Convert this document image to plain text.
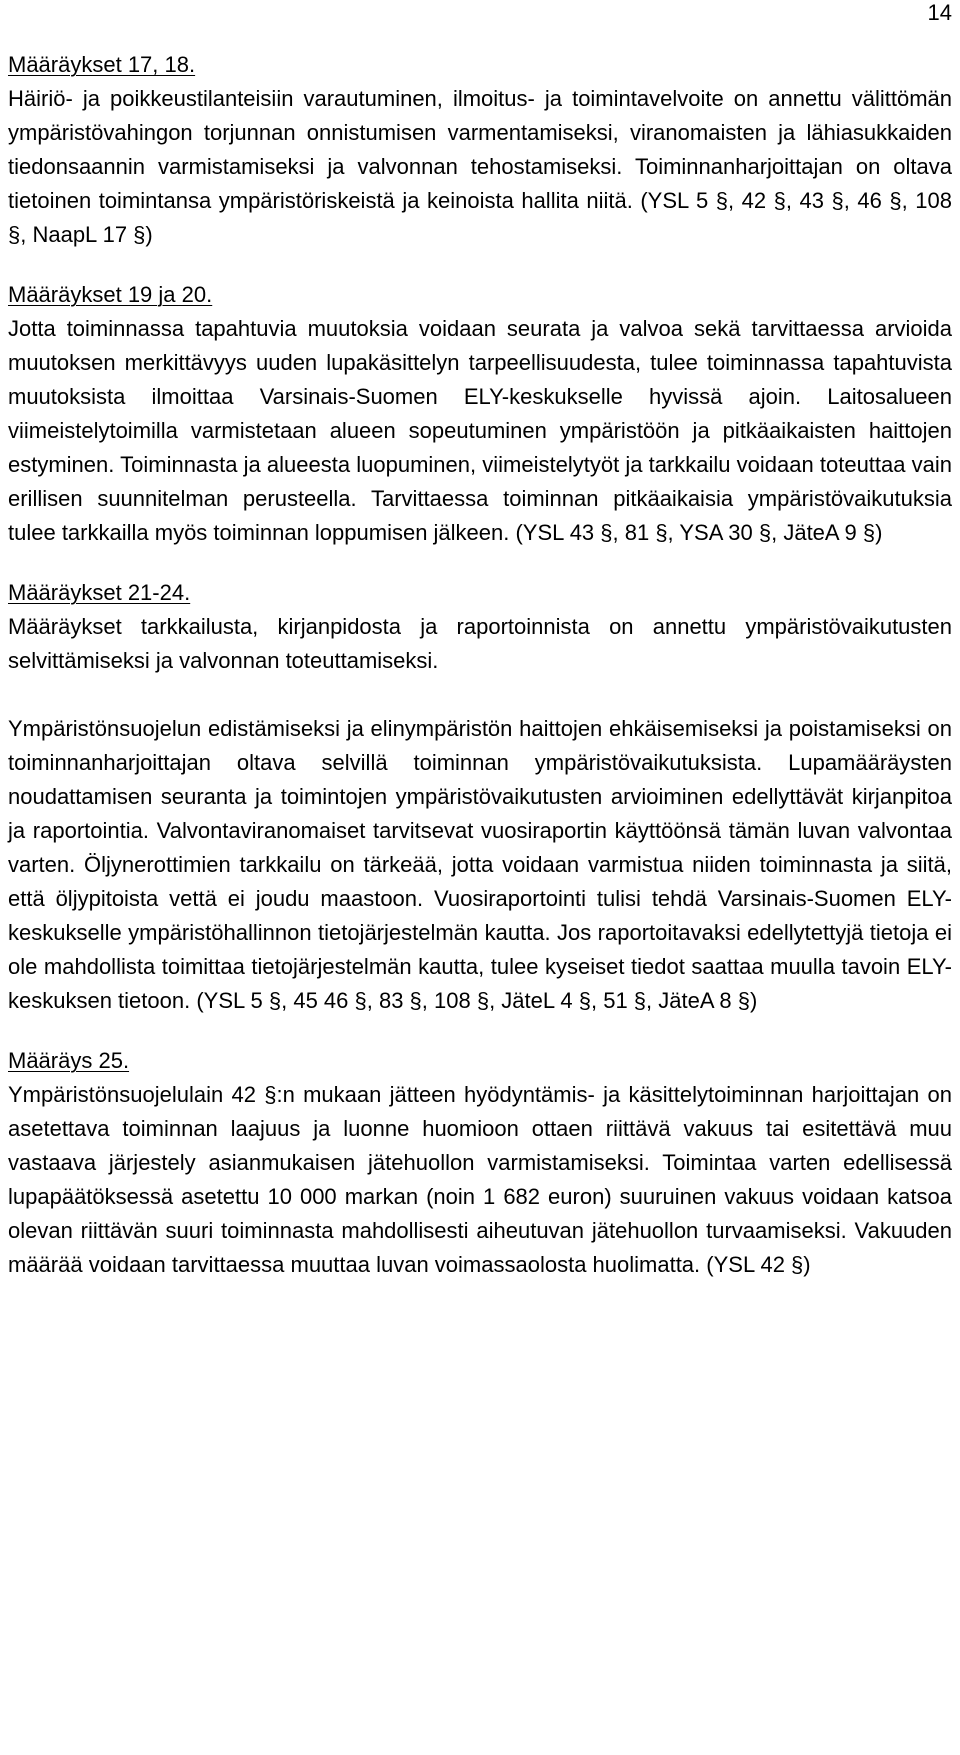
14

Määräykset 17, 18.

Häiriö- ja poikkeustilanteisiin varautuminen, ilmoitus- ja toimintavelvoite on annettu välittömän ympäristövahingon torjunnan onnistumisen varmentamiseksi, viranomaisten ja lähiasukkaiden tiedonsaannin varmistamiseksi ja valvonnan tehostamiseksi. Toiminnanharjoittajan on oltava tietoinen toimintansa ympäristöriskeistä ja keinoista hallita niitä. (YSL 5 §, 42 §, 43 §, 46 §, 108 §, NaapL 17 §)

Määräykset 19 ja 20.

Jotta toiminnassa tapahtuvia muutoksia voidaan seurata ja valvoa sekä tarvittaessa arvioida muutoksen merkittävyys uuden lupakäsittelyn tarpeellisuudesta, tulee toiminnassa tapahtuvista muutoksista ilmoittaa Varsinais-Suomen ELY-keskukselle hyvissä ajoin. Laitosalueen viimeistelytoimilla varmistetaan alueen sopeutuminen ympäristöön ja pitkäaikaisten haittojen estyminen. Toiminnasta ja alueesta luopuminen, viimeistelytyöt ja tarkkailu voidaan toteuttaa vain erillisen suunnitelman perusteella. Tarvittaessa toiminnan pitkäaikaisia ympäristövaikutuksia tulee tarkkailla myös toiminnan loppumisen jälkeen. (YSL 43 §, 81 §, YSA 30 §, JäteA 9 §)

Määräykset 21-24.

Määräykset tarkkailusta, kirjanpidosta ja raportoinnista on annettu ympäristövaikutusten selvittämiseksi ja valvonnan toteuttamiseksi.

Ympäristönsuojelun edistämiseksi ja elinympäristön haittojen ehkäisemiseksi ja poistamiseksi on toiminnanharjoittajan oltava selvillä toiminnan ympäristövaikutuksista. Lupamääräysten noudattamisen seuranta ja toimintojen ympäristövaikutusten arvioiminen edellyttävät kirjanpitoa ja raportointia. Valvontaviranomaiset tarvitsevat vuosiraportin käyttöönsä tämän luvan valvontaa varten. Öljynerottimien tarkkailu on tärkeää, jotta voidaan varmistua niiden toiminnasta ja siitä, että öljypitoista vettä ei joudu maastoon. Vuosiraportointi tulisi tehdä Varsinais-Suomen ELY-keskukselle ympäristöhallinnon tietojärjestelmän kautta. Jos raportoitavaksi edellytettyjä tietoja ei ole mahdollista toimittaa tietojärjestelmän kautta, tulee kyseiset tiedot saattaa muulla tavoin ELY-keskuksen tietoon. (YSL 5 §, 45 46 §, 83 §, 108 §, JäteL 4 §, 51 §, JäteA 8 §)

Määräys 25.

Ympäristönsuojelulain 42 §:n mukaan jätteen hyödyntämis- ja käsittelytoiminnan harjoittajan on asetettava toiminnan laajuus ja luonne huomioon ottaen riittävä vakuus tai esitettävä muu vastaava järjestely asianmukaisen jätehuollon varmistamiseksi. Toimintaa varten edellisessä lupapäätöksessä asetettu 10 000 markan (noin 1 682 euron) suuruinen vakuus voidaan katsoa olevan riittävän suuri toiminnasta mahdollisesti aiheutuvan jätehuollon turvaamiseksi. Vakuuden määrää voidaan tarvittaessa muuttaa luvan voimassaolosta huolimatta. (YSL 42 §)
